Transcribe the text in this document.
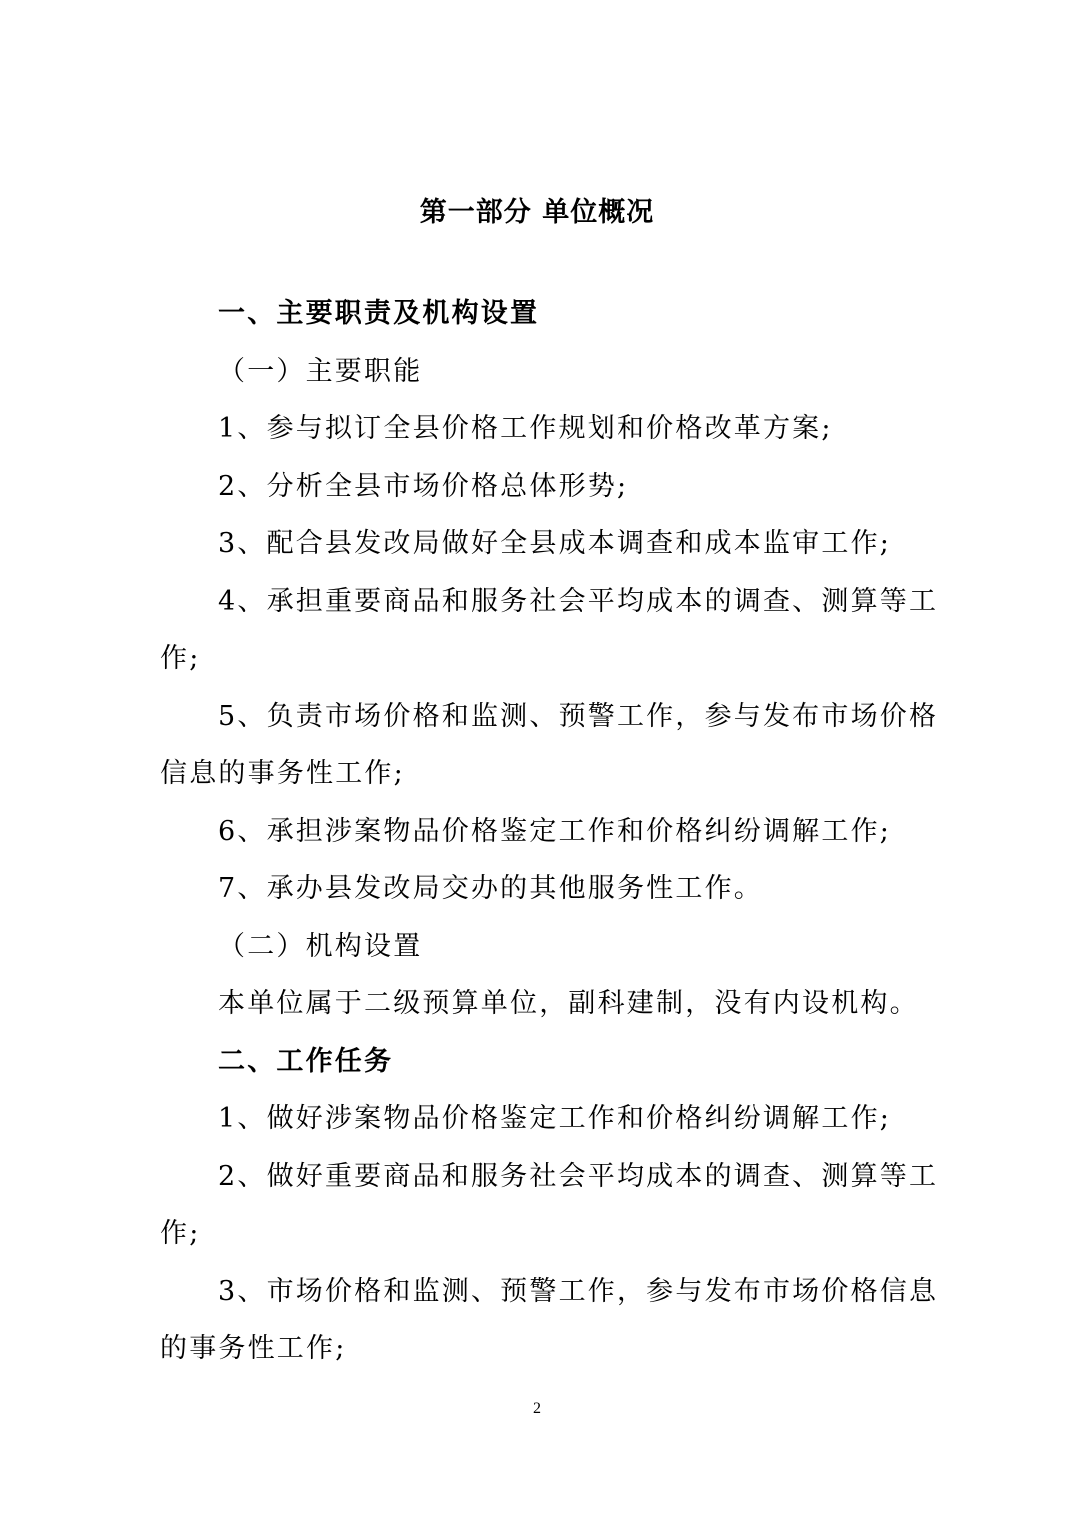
第一部分 单位概况

一、主要职责及机构设置

（一）主要职能

1、参与拟订全县价格工作规划和价格改革方案;

2、分析全县市场价格总体形势;

3、配合县发改局做好全县成本调查和成本监审工作;

4、承担重要商品和服务社会平均成本的调查、测算等工

作;

5、负责市场价格和监测、预警工作，参与发布市场价格

信息的事务性工作;

6、承担涉案物品价格鉴定工作和价格纠纷调解工作;

7、承办县发改局交办的其他服务性工作。

（二）机构设置

本单位属于二级预算单位，副科建制，没有内设机构。

二、工作任务

1、做好涉案物品价格鉴定工作和价格纠纷调解工作;

2、做好重要商品和服务社会平均成本的调查、测算等工

作;

3、市场价格和监测、预警工作，参与发布市场价格信息

的事务性工作;

2
